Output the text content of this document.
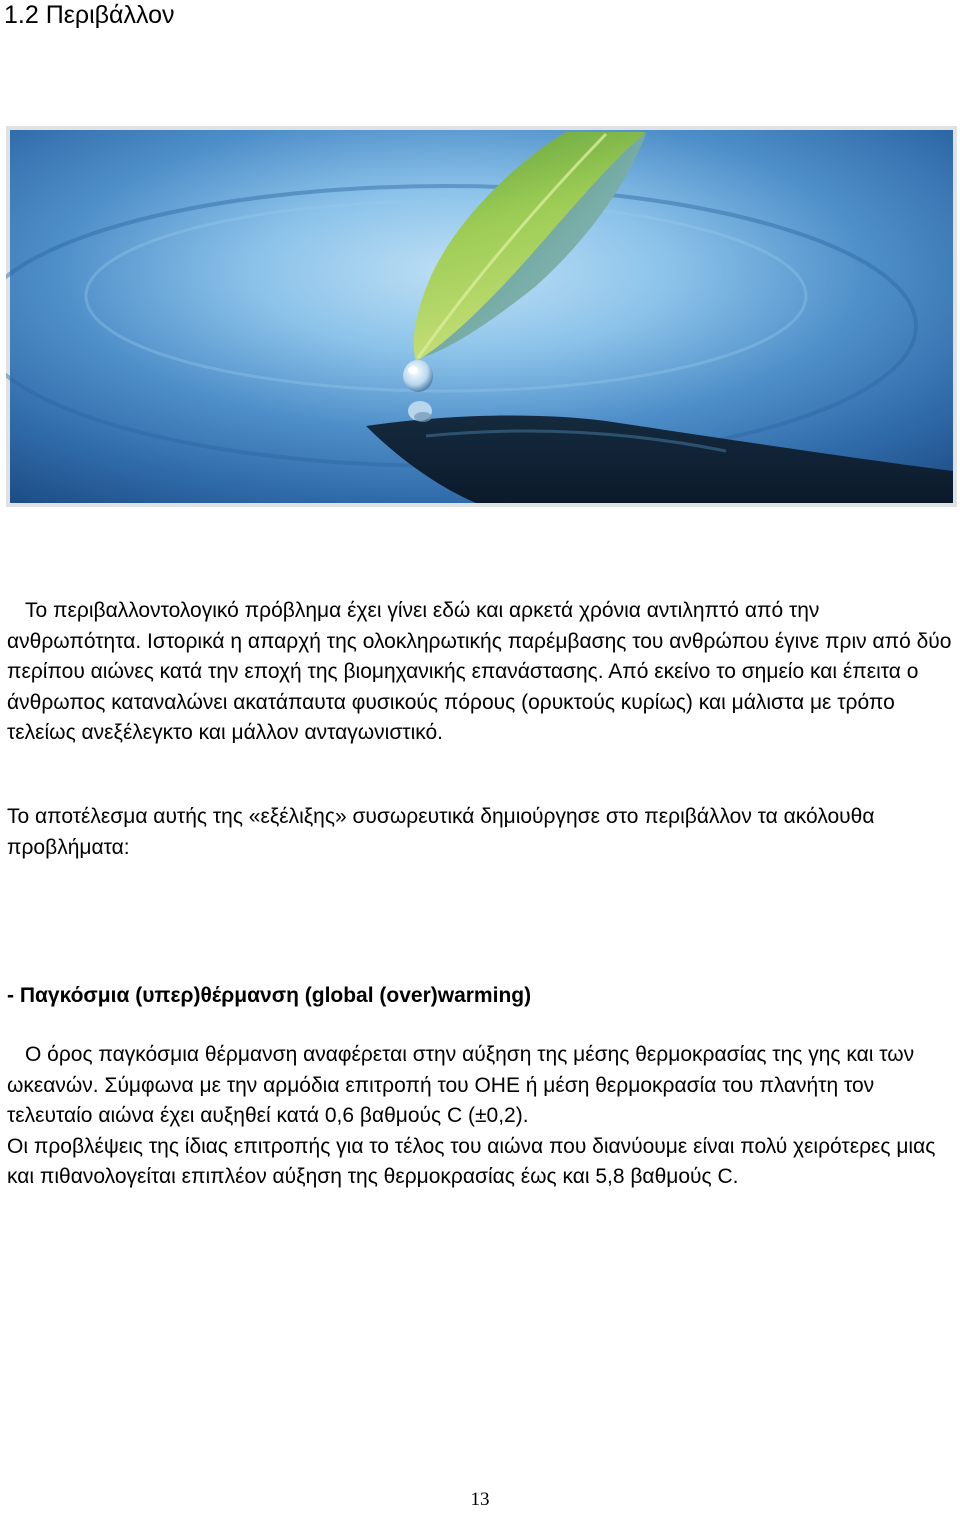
1.2 Περιβάλλον

Το περιβαλλοντολογικό πρόβλημα έχει γίνει εδώ και αρκετά χρόνια αντιληπτό από την ανθρωπότητα. Ιστορικά η απαρχή της ολοκληρωτικής παρέμβασης του ανθρώπου έγινε πριν από δύο περίπου αιώνες κατά την εποχή της βιομηχανικής επανάστασης. Από εκείνο το σημείο και έπειτα ο άνθρωπος καταναλώνει ακατάπαυτα φυσικούς πόρους (ορυκτούς κυρίως) και μάλιστα με τρόπο τελείως ανεξέλεγκτο και μάλλον ανταγωνιστικό.

Το αποτέλεσμα αυτής της «εξέλιξης» συσωρευτικά δημιούργησε στο περιβάλλον τα ακόλουθα προβλήματα:

- Παγκόσμια (υπερ)θέρμανση (global (over)warming)

Ο όρος παγκόσμια θέρμανση αναφέρεται στην αύξηση της μέσης θερμοκρασίας της γης και των ωκεανών. Σύμφωνα με την αρμόδια επιτροπή του ΟΗΕ ή μέση θερμοκρασία του πλανήτη τον τελευταίο αιώνα έχει αυξηθεί κατά 0,6 βαθμούς C (±0,2).
Οι προβλέψεις της ίδιας επιτροπής για το τέλος του αιώνα που διανύουμε είναι πολύ χειρότερες μιας και πιθανολογείται επιπλέον αύξηση της θερμοκρασίας έως και 5,8 βαθμούς C.
13
